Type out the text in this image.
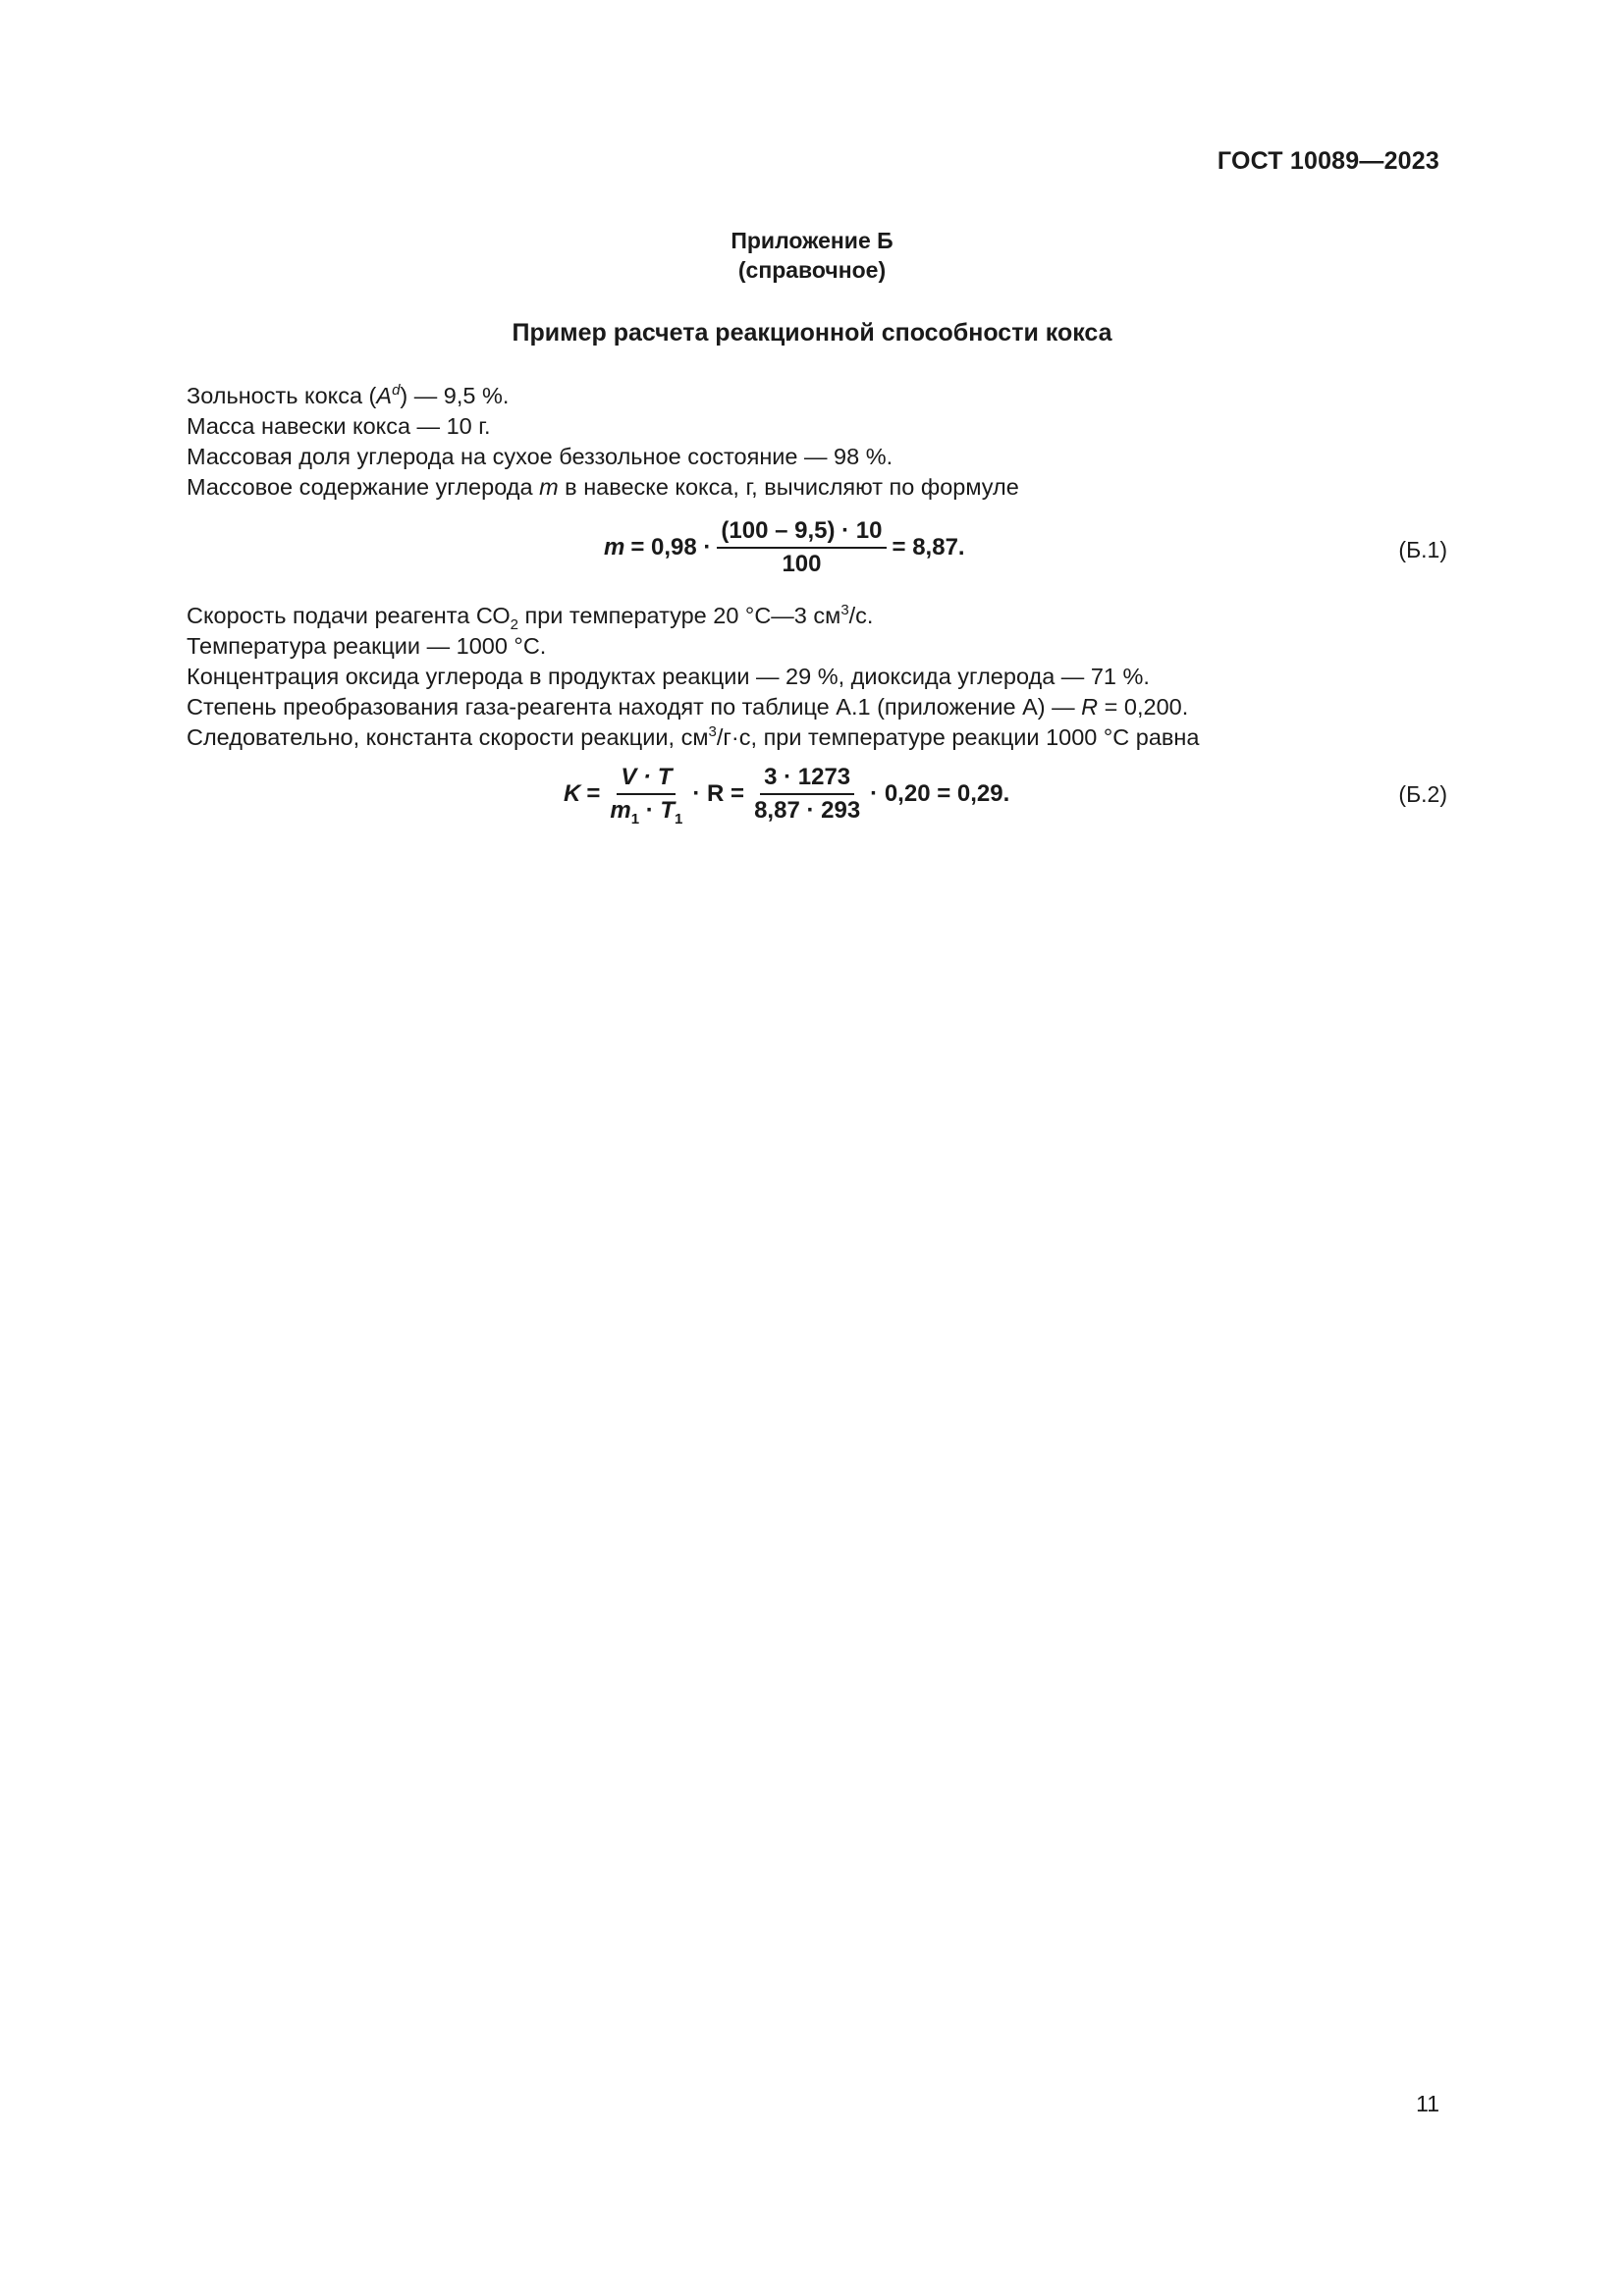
ГОСТ 10089—2023
Приложение Б
(справочное)
Пример расчета реакционной способности кокса
Зольность кокса $(A^d)$ — 9,5 %.
Масса навески кокса — 10 г.
Массовая доля углерода на сухое беззольное состояние — 98 %.
Массовое содержание углерода m в навеске кокса, г, вычисляют по формуле
$m = 0,98 \cdot \frac{(100 - 9,5) \cdot 10}{100} = 8,87$.	(Б.1)
Скорость подачи реагента $СО_2$ при температуре 20 °С—3 $см^3/с$.
Температура реакции — 1000 °С.
Концентрация оксида углерода в продуктах реакции — 29 %, диоксида углерода — 71 %.
Степень преобразования газа-реагента находят по таблице А.1 (приложение А) — R = 0,200.
Следовательно, константа скорости реакции, $см^3/г\cdot с$, при температуре реакции 1000 °С равна
$K = \frac{V \cdot T}{m_1 \cdot T_1} \cdot R = \frac{3 \cdot 1273}{8,87 \cdot 293} \cdot 0,20 = 0,29$.	(Б.2)
11
